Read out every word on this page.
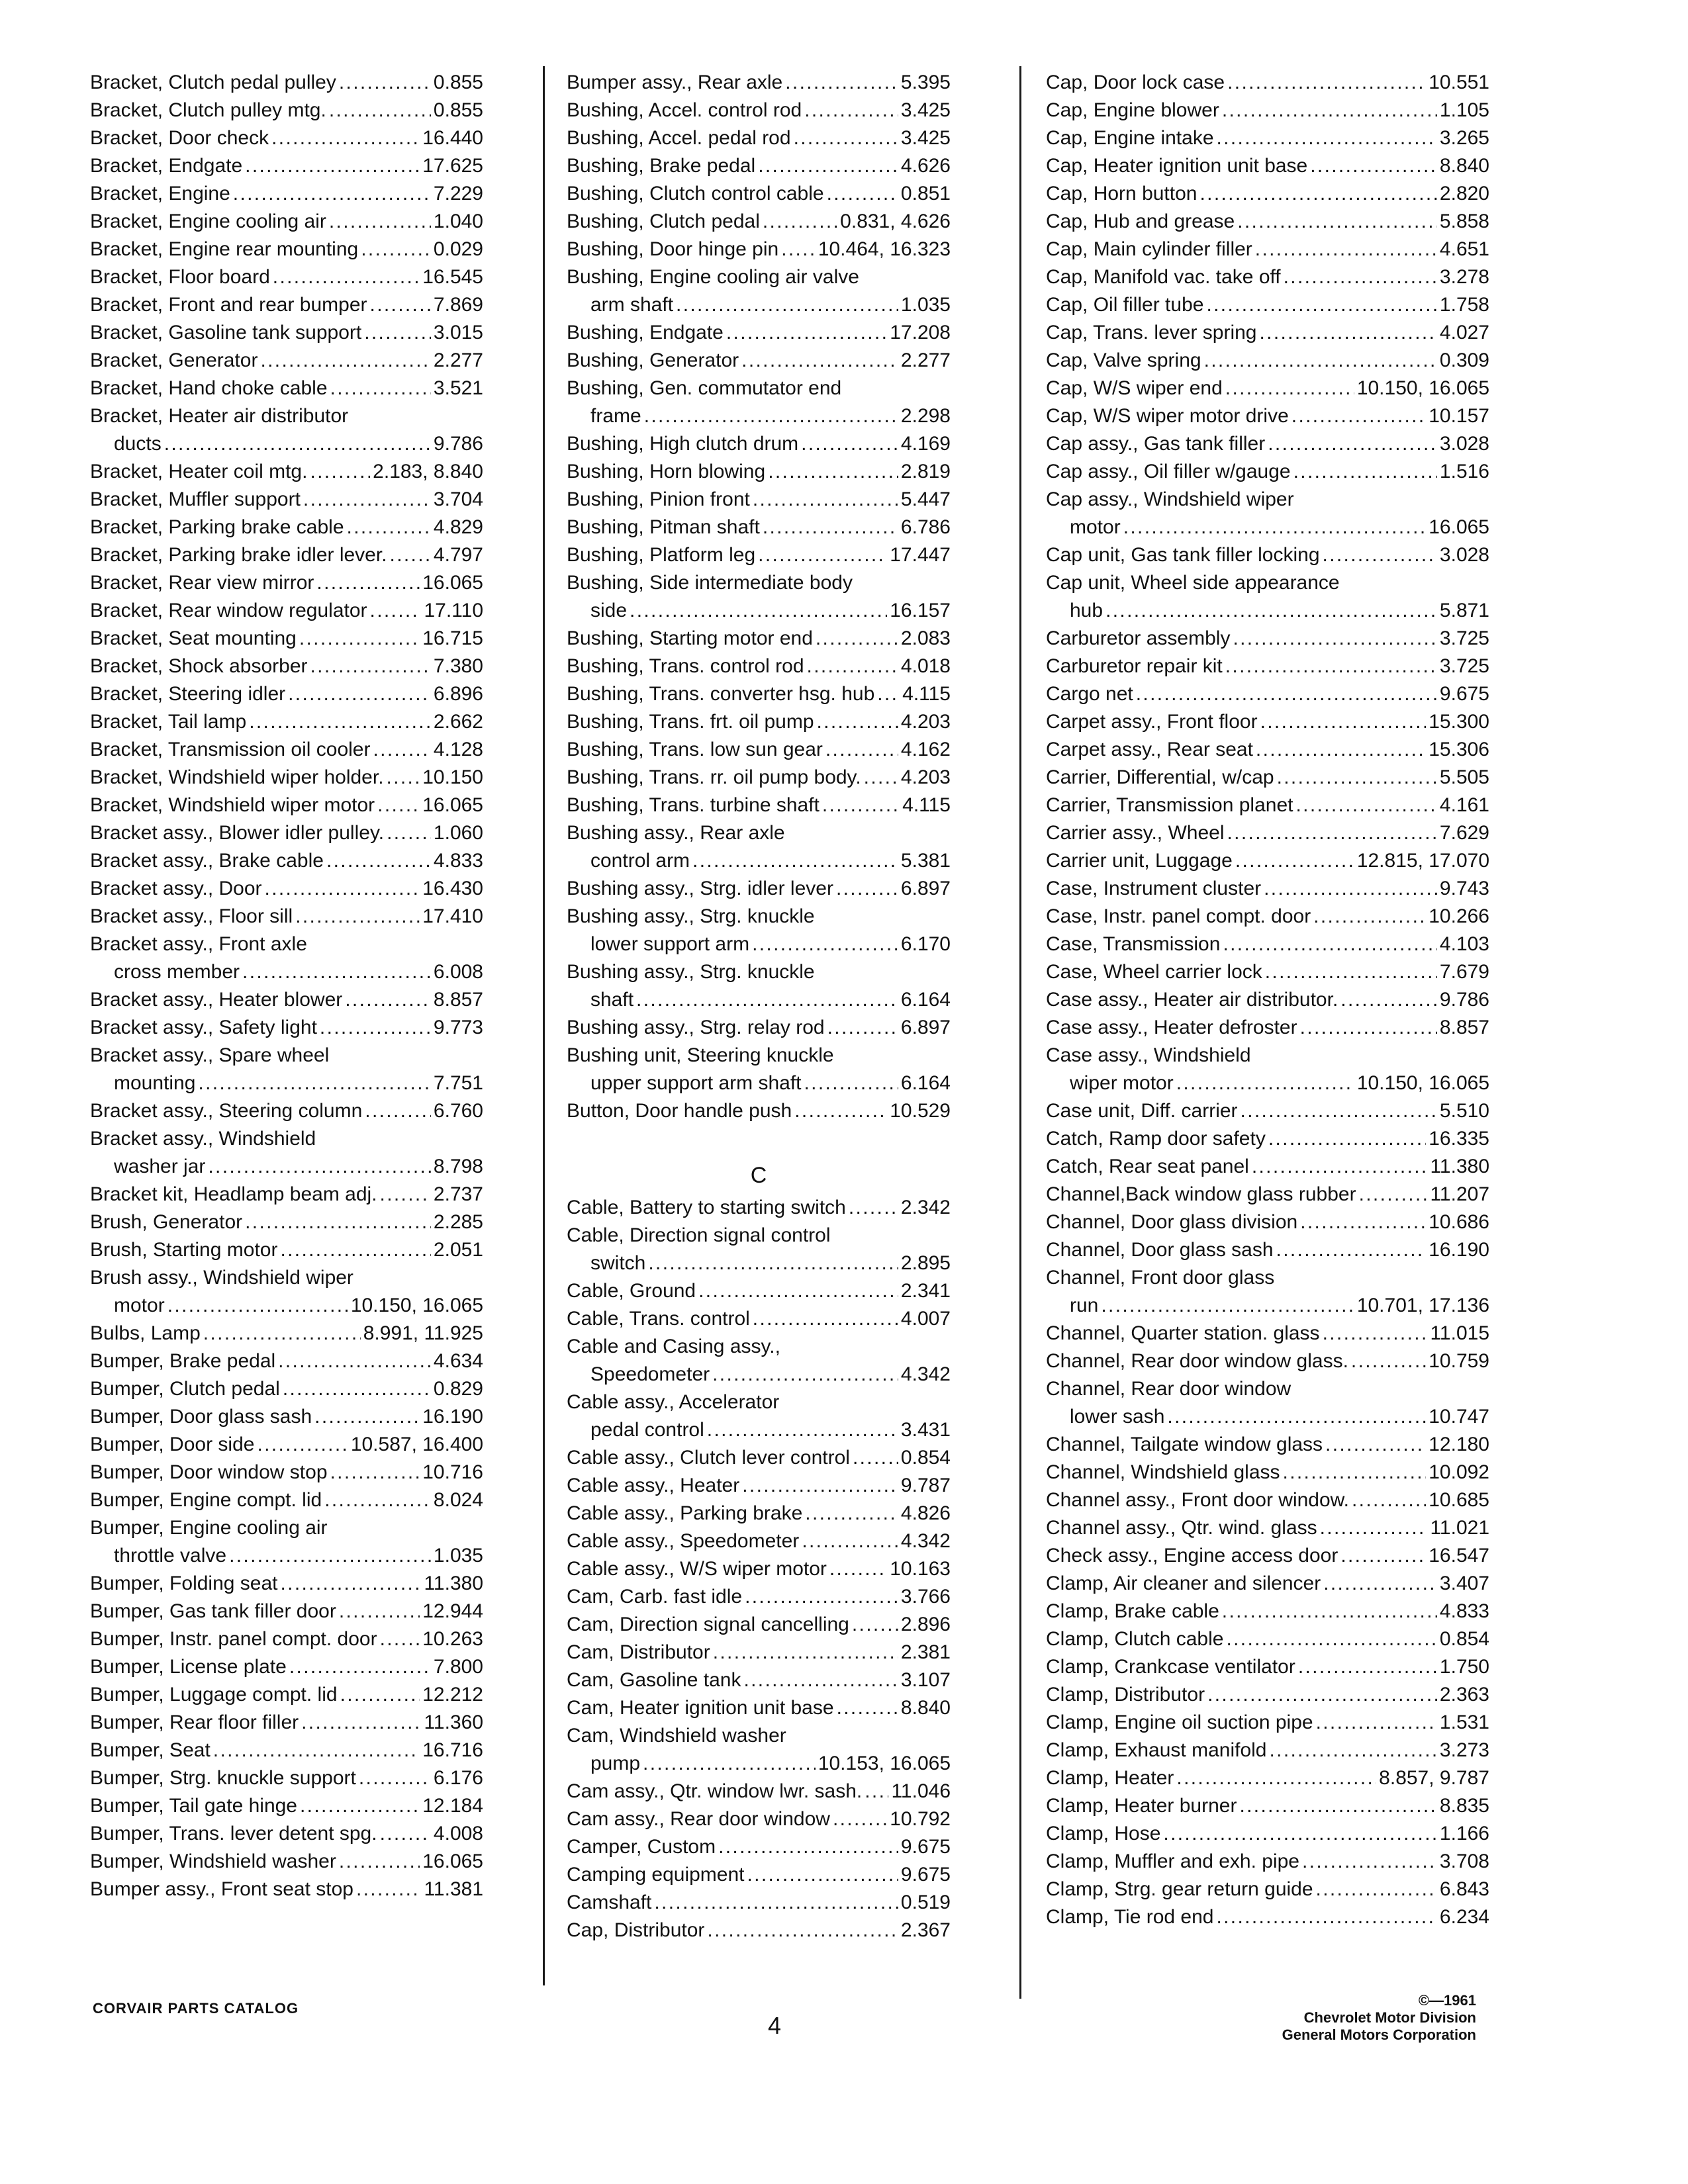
Bracket, Clutch pedal pulley . . .	0.855
Bracket, Clutch pulley mtg. . . .	0.855
Bracket, Door check . . .	16.440
Bracket, Endgate . . .	17.625
Bracket, Engine . . .	7.229
Bracket, Engine cooling air . . .	1.040
Bracket, Engine rear mounting . . .	0.029
Bracket, Floor board . . .	16.545
Bracket, Front and rear bumper . . .	7.869
Bracket, Gasoline tank support . . .	3.015
Bracket, Generator . . .	2.277
Bracket, Hand choke cable . . .	3.521
Bracket, Heater air distributor
ducts . . .	9.786
Bracket, Heater coil mtg. . . .	2.183, 8.840
Bracket, Muffler support . . .	3.704
Bracket, Parking brake cable . . .	4.829
Bracket, Parking brake idler lever. . . . 4.797
Bracket, Rear view mirror . . .	16.065
Bracket, Rear window regulator . . .	17.110
Bracket, Seat mounting . . .	16.715
Bracket, Shock absorber . . .	7.380
Bracket, Steering idler . . .	6.896
Bracket, Tail lamp . . .	2.662
Bracket, Transmission oil cooler . . .	4.128
Bracket, Windshield wiper holder. . . . 10.150
Bracket, Windshield wiper motor . . . 16.065
Bracket assy., Blower idler pulley. . . . 1.060
Bracket assy., Brake cable . . .	4.833
Bracket assy., Door . . .	16.430
Bracket assy., Floor sill . . .	17.410
Bracket assy., Front axle
cross member . . .	6.008
Bracket assy., Heater blower . . .	8.857
Bracket assy., Safety light . . .	9.773
Bracket assy., Spare wheel
mounting . . .	7.751
Bracket assy., Steering column . . .	6.760
Bracket assy., Windshield
washer jar . . .	8.798
Bracket kit, Headlamp beam adj. . . .	2.737
Brush, Generator . . .	2.285
Brush, Starting motor . . .	2.051
Brush assy., Windshield wiper
motor . . .	10.150, 16.065
Bulbs, Lamp . . .	8.991, 11.925
Bumper, Brake pedal . . .	4.634
Bumper, Clutch pedal . . .	0.829
Bumper, Door glass sash . . .	16.190
Bumper, Door side . . .	10.587, 16.400
Bumper, Door window stop . . .	10.716
Bumper, Engine compt. lid . . .	8.024
Bumper, Engine cooling air
throttle valve . . .	1.035
Bumper, Folding seat . . .	11.380
Bumper, Gas tank filler door . . .	12.944
Bumper, Instr. panel compt. door . . . 10.263
Bumper, License plate . . .	7.800
Bumper, Luggage compt. lid . . .	12.212
Bumper, Rear floor filler . . .	11.360
Bumper, Seat . . .	16.716
Bumper, Strg. knuckle support . . .	6.176
Bumper, Tail gate hinge . . .	12.184
Bumper, Trans. lever detent spg. . . .	4.008
Bumper, Windshield washer . . .	16.065
Bumper assy., Front seat stop . . .	11.381
Bumper assy., Rear axle . . .	5.395
Bushing, Accel. control rod . . .	3.425
Bushing, Accel. pedal rod . . .	3.425
Bushing, Brake pedal . . .	4.626
Bushing, Clutch control cable . . .	0.851
Bushing, Clutch pedal . . .	0.831, 4.626
Bushing, Door hinge pin . . . 10.464, 16.323
Bushing, Engine cooling air valve
arm shaft . . .	1.035
Bushing, Endgate . . .	17.208
Bushing, Generator . . .	2.277
Bushing, Gen. commutator end
frame . . .	2.298
Bushing, High clutch drum . . .	4.169
Bushing, Horn blowing . . .	2.819
Bushing, Pinion front . . .	5.447
Bushing, Pitman shaft . . .	6.786
Bushing, Platform leg . . .	17.447
Bushing, Side intermediate body
side . . .	16.157
Bushing, Starting motor end . . .	2.083
Bushing, Trans. control rod . . .	4.018
Bushing, Trans. converter hsg. hub . . . 4.115
Bushing, Trans. frt. oil pump . . .	4.203
Bushing, Trans. low sun gear . . .	4.162
Bushing, Trans. rr. oil pump body. . . . 4.203
Bushing, Trans. turbine shaft . . .	4.115
Bushing assy., Rear axle
control arm . . .	5.381
Bushing assy., Strg. idler lever . . .	6.897
Bushing assy., Strg. knuckle
lower support arm . . .	6.170
Bushing assy., Strg. knuckle
shaft . . .	6.164
Bushing assy., Strg. relay rod . . .	6.897
Bushing unit, Steering knuckle
upper support arm shaft . . .	6.164
Button, Door handle push . . .	10.529
C
Cable, Battery to starting switch . . .	2.342
Cable, Direction signal control
switch . . .	2.895
Cable, Ground . . .	2.341
Cable, Trans. control . . .	4.007
Cable and Casing assy.,
Speedometer . . .	4.342
Cable assy., Accelerator
pedal control . . .	3.431
Cable assy., Clutch lever control . . .	0.854
Cable assy., Heater . . .	9.787
Cable assy., Parking brake . . .	4.826
Cable assy., Speedometer . . .	4.342
Cable assy., W/S wiper motor . . .	10.163
Cam, Carb. fast idle . . .	3.766
Cam, Direction signal cancelling . . .	2.896
Cam, Distributor . . .	2.381
Cam, Gasoline tank . . .	3.107
Cam, Heater ignition unit base . . .	8.840
Cam, Windshield washer
pump . . .	10.153, 16.065
Cam assy., Qtr. window lwr. sash. . . . 11.046
Cam assy., Rear door window . . .	10.792
Camper, Custom . . .	9.675
Camping equipment . . .	9.675
Camshaft . . .	0.519
Cap, Distributor . . .	2.367
Cap, Door lock case . . .	10.551
Cap, Engine blower . . .	1.105
Cap, Engine intake . . .	3.265
Cap, Heater ignition unit base . . .	8.840
Cap, Horn button . . .	2.820
Cap, Hub and grease . . .	5.858
Cap, Main cylinder filler . . .	4.651
Cap, Manifold vac. take off . . .	3.278
Cap, Oil filler tube . . .	1.758
Cap, Trans. lever spring . . .	4.027
Cap, Valve spring . . .	0.309
Cap, W/S wiper end . . .	10.150, 16.065
Cap, W/S wiper motor drive . . .	10.157
Cap assy., Gas tank filler . . .	3.028
Cap assy., Oil filler w/gauge . . .	1.516
Cap assy., Windshield wiper
motor . . .	16.065
Cap unit, Gas tank filler locking . . .	3.028
Cap unit, Wheel side appearance
hub . . .	5.871
Carburetor assembly . . .	3.725
Carburetor repair kit . . .	3.725
Cargo net . . .	9.675
Carpet assy., Front floor . . .	15.300
Carpet assy., Rear seat . . .	15.306
Carrier, Differential, w/cap . . .	5.505
Carrier, Transmission planet . . .	4.161
Carrier assy., Wheel . . .	7.629
Carrier unit, Luggage . . .	12.815, 17.070
Case, Instrument cluster . . .	9.743
Case, Instr. panel compt. door . . .	10.266
Case, Transmission . . .	4.103
Case, Wheel carrier lock . . .	7.679
Case assy., Heater air distributor. . . .	9.786
Case assy., Heater defroster . . .	8.857
Case assy., Windshield
wiper motor . . .	10.150, 16.065
Case unit, Diff. carrier . . .	5.510
Catch, Ramp door safety . . .	16.335
Catch, Rear seat panel . . .	11.380
Channel,Back window glass rubber . . .	11.207
Channel, Door glass division . . .	10.686
Channel, Door glass sash . . .	16.190
Channel, Front door glass
run . . .	10.701, 17.136
Channel, Quarter station. glass . . .	11.015
Channel, Rear door window glass. . . .	10.759
Channel, Rear door window
lower sash . . .	10.747
Channel, Tailgate window glass . . .	12.180
Channel, Windshield glass . . .	10.092
Channel assy., Front door window. . . .	10.685
Channel assy., Qtr. wind. glass . . .	11.021
Check assy., Engine access door . . .	16.547
Clamp, Air cleaner and silencer . . .	3.407
Clamp, Brake cable . . .	4.833
Clamp, Clutch cable . . .	0.854
Clamp, Crankcase ventilator . . .	1.750
Clamp, Distributor . . .	2.363
Clamp, Engine oil suction pipe . . .	1.531
Clamp, Exhaust manifold . . .	3.273
Clamp, Heater . . .	8.857, 9.787
Clamp, Heater burner . . .	8.835
Clamp, Hose . . .	1.166
Clamp, Muffler and exh. pipe . . .	3.708
Clamp, Strg. gear return guide . . .	6.843
Clamp, Tie rod end . . .	6.234
CORVAIR PARTS CATALOG
4
©—1961
Chevrolet Motor Division
General Motors Corporation
